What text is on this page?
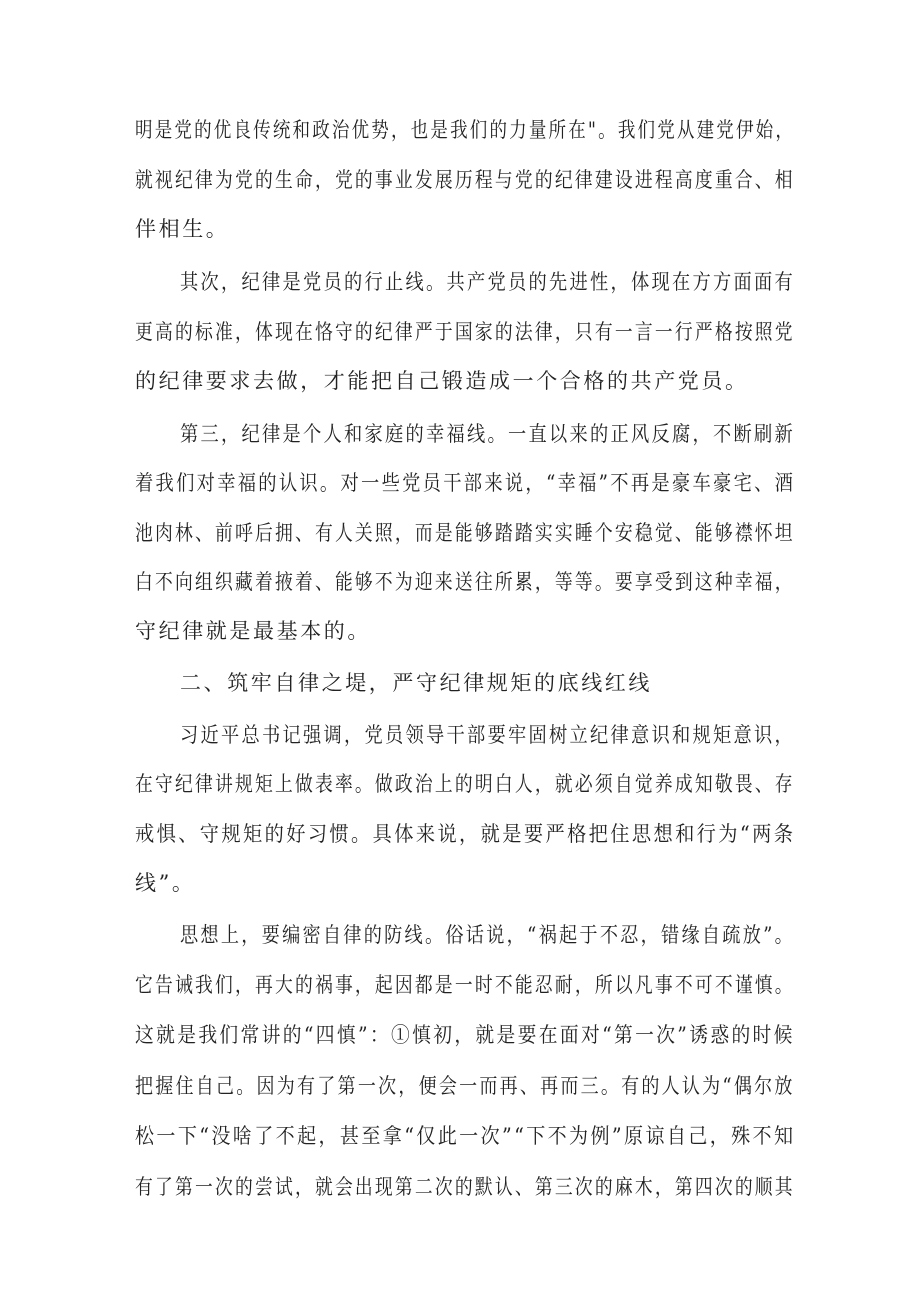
明是党的优良传统和政治优势，也是我们的力量所在"。我们党从建党伊始，
就视纪律为党的生命，党的事业发展历程与党的纪律建设进程高度重合、相
伴相生。
其次，纪律是党员的行止线。共产党员的先进性，体现在方方面面有
更高的标准，体现在恪守的纪律严于国家的法律，只有一言一行严格按照党
的纪律要求去做，才能把自己锻造成一个合格的共产党员。
第三，纪律是个人和家庭的幸福线。一直以来的正风反腐，不断刷新
着我们对幸福的认识。对一些党员干部来说，“幸福”不再是豪车豪宅、酒
池肉林、前呼后拥、有人关照，而是能够踏踏实实睡个安稳觉、能够襟怀坦
白不向组织藏着掖着、能够不为迎来送往所累，等等。要享受到这种幸福，
守纪律就是最基本的。
二、筑牢自律之堤，严守纪律规矩的底线红线
习近平总书记强调，党员领导干部要牢固树立纪律意识和规矩意识，
在守纪律讲规矩上做表率。做政治上的明白人，就必须自觉养成知敬畏、存
戒惧、守规矩的好习惯。具体来说，就是要严格把住思想和行为“两条
线”。
思想上，要编密自律的防线。俗话说，“祸起于不忍，错缘自疏放”。
它告诫我们，再大的祸事，起因都是一时不能忍耐，所以凡事不可不谨慎。
这就是我们常讲的“四慎”：①慎初，就是要在面对“第一次”诱惑的时候
把握住自己。因为有了第一次，便会一而再、再而三。有的人认为“偶尔放
松一下“没啥了不起，甚至拿“仅此一次”“下不为例”原谅自己，殊不知
有了第一次的尝试，就会出现第二次的默认、第三次的麻木，第四次的顺其
